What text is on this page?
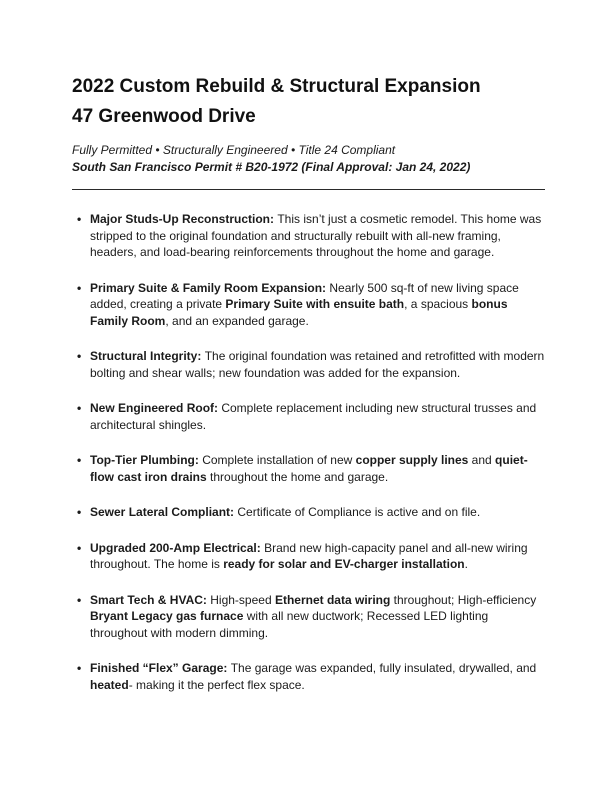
2022 Custom Rebuild & Structural Expansion
47 Greenwood Drive

Fully Permitted • Structurally Engineered • Title 24 Compliant

South San Francisco Permit # B20-1972 (Final Approval: Jan 24, 2022)

• Major Studs-Up Reconstruction: This isn’t just a cosmetic remodel. This home was stripped to the original foundation and structurally rebuilt with all-new framing, headers, and load-bearing reinforcements throughout the home and garage.
• Primary Suite & Family Room Expansion: Nearly 500 sq-ft of new living space added, creating a private Primary Suite with ensuite bath, a spacious bonus Family Room, and an expanded garage.
• Structural Integrity: The original foundation was retained and retrofitted with modern bolting and shear walls; new foundation was added for the expansion.
• New Engineered Roof: Complete replacement including new structural trusses and architectural shingles.
• Top-Tier Plumbing: Complete installation of new copper supply lines and quiet-flow cast iron drains throughout the home and garage.
• Sewer Lateral Compliant: Certificate of Compliance is active and on file.
• Upgraded 200-Amp Electrical: Brand new high-capacity panel and all-new wiring throughout. The home is ready for solar and EV-charger installation.
• Smart Tech & HVAC: High-speed Ethernet data wiring throughout; High-efficiency Bryant Legacy gas furnace with all new ductwork; Recessed LED lighting throughout with modern dimming.
• Finished “Flex” Garage: The garage was expanded, fully insulated, drywalled, and heated- making it the perfect flex space.
